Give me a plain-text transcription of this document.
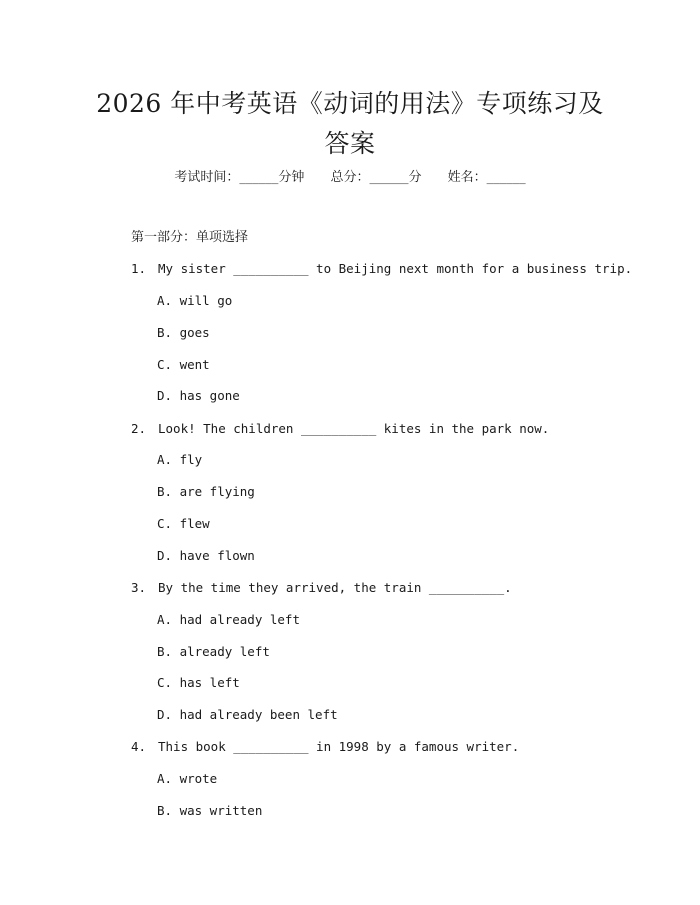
2026 年中考英语《动词的用法》专项练习及
答案
考试时间：______分钟 总分：______分 姓名：______
第一部分：单项选择
1. My sister __________ to Beijing next month for a business trip.
A. will go
B. goes
C. went
D. has gone
2. Look! The children __________ kites in the park now.
A. fly
B. are flying
C. flew
D. have flown
3. By the time they arrived, the train __________.
A. had already left
B. already left
C. has left
D. had already been left
4. This book __________ in 1998 by a famous writer.
A. wrote
B. was written
